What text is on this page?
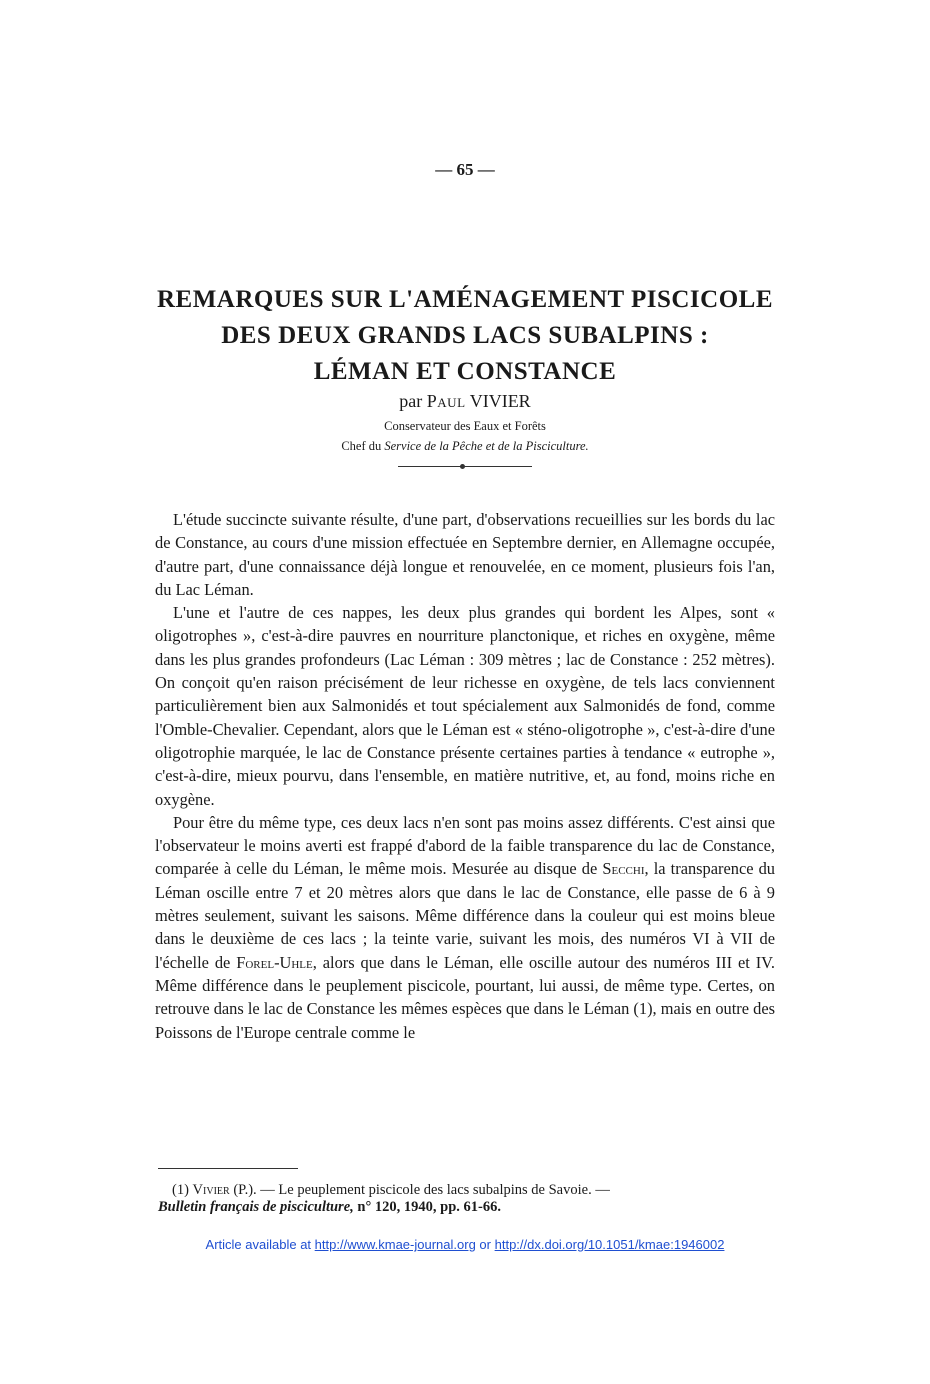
— 65 —
REMARQUES SUR L'AMÉNAGEMENT PISCICOLE
DES DEUX GRANDS LACS SUBALPINS :
LÉMAN ET CONSTANCE
par Paul VIVIER
Conservateur des Eaux et Forêts
Chef du Service de la Pêche et de la Pisciculture.

L'étude succincte suivante résulte, d'une part, d'observations recueillies sur les bords du lac de Constance, au cours d'une mission effectuée en Septembre dernier, en Allemagne occupée, d'autre part, d'une connaissance déjà longue et renouvelée, en ce moment, plusieurs fois l'an, du Lac Léman.

L'une et l'autre de ces nappes, les deux plus grandes qui bordent les Alpes, sont « oligotrophes », c'est-à-dire pauvres en nourriture planctonique, et riches en oxygène, même dans les plus grandes profondeurs (Lac Léman : 309 mètres ; lac de Constance : 252 mètres). On conçoit qu'en raison précisément de leur richesse en oxygène, de tels lacs conviennent particulièrement bien aux Salmonidés et tout spécialement aux Salmonidés de fond, comme l'Omble-Chevalier. Cependant, alors que le Léman est « sténo-oligotrophe », c'est-à-dire d'une oligotrophie marquée, le lac de Constance présente certaines parties à tendance « eutrophe », c'est-à-dire, mieux pourvu, dans l'ensemble, en matière nutritive, et, au fond, moins riche en oxygène.

Pour être du même type, ces deux lacs n'en sont pas moins assez différents. C'est ainsi que l'observateur le moins averti est frappé d'abord de la faible transparence du lac de Constance, comparée à celle du Léman, le même mois. Mesurée au disque de Secchi, la transparence du Léman oscille entre 7 et 20 mètres alors que dans le lac de Constance, elle passe de 6 à 9 mètres seulement, suivant les saisons. Même différence dans la couleur qui est moins bleue dans le deuxième de ces lacs ; la teinte varie, suivant les mois, des numéros VI à VII de l'échelle de Forel-Uhle, alors que dans le Léman, elle oscille autour des numéros III et IV. Même différence dans le peuplement piscicole, pourtant, lui aussi, de même type. Certes, on retrouve dans le lac de Constance les mêmes espèces que dans le Léman (1), mais en outre des Poissons de l'Europe centrale comme le

(1) Vivier (P.). — Le peuplement piscicole des lacs subalpins de Savoie. —
Bulletin français de pisciculture, n° 120, 1940, pp. 61-66.
Article available at http://www.kmae-journal.org or http://dx.doi.org/10.1051/kmae:1946002
